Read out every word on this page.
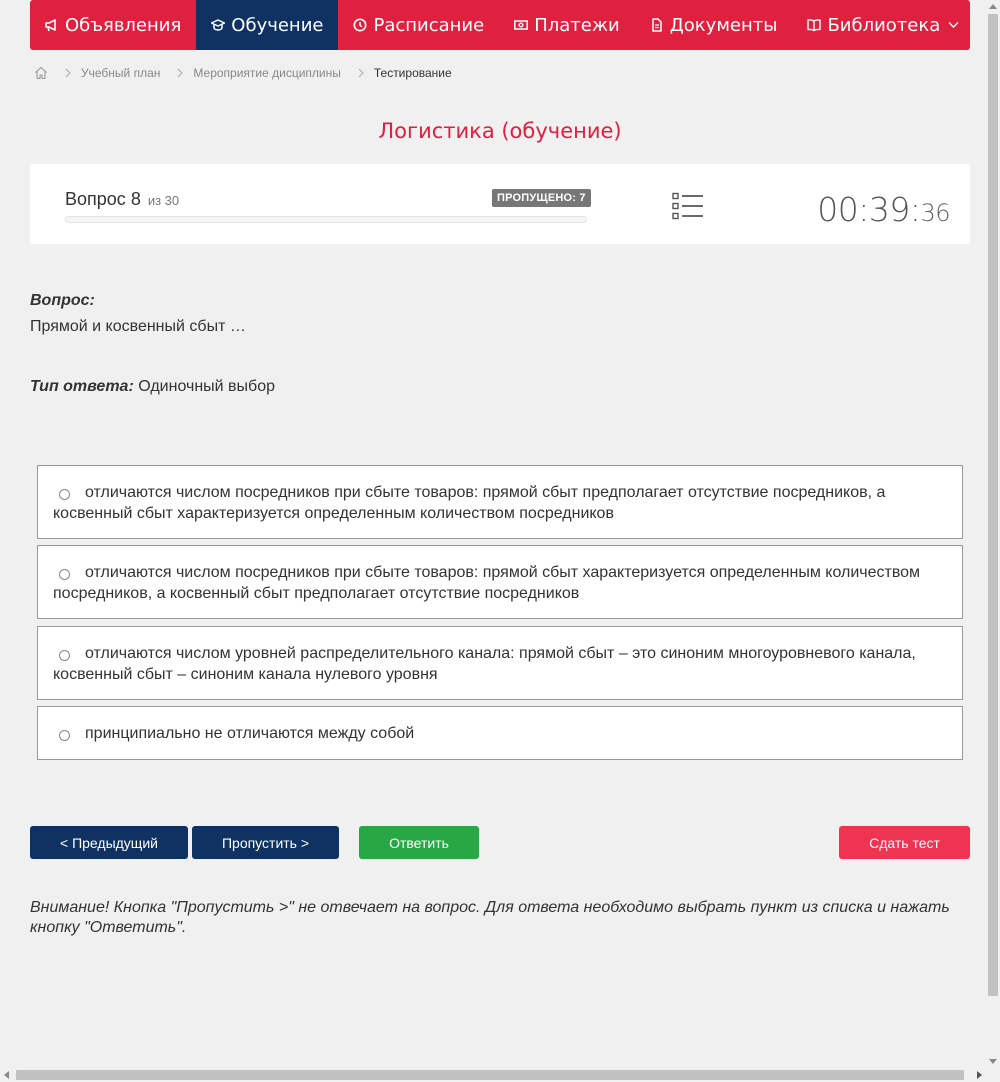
Объявления	Обучение	Расписание	Платежи	Документы	Библиотека
Учебный план	Мероприятие дисциплины	Тестирование
Логистика (обучение)
Вопрос 8 из 30	ПРОПУЩЕНО: 7	00:39:36
Вопрос:
Прямой и косвенный сбыт …
Тип ответа: Одиночный выбор
отличаются числом посредников при сбыте товаров: прямой сбыт предполагает отсутствие посредников, а косвенный сбыт характеризуется определенным количеством посредников
отличаются числом посредников при сбыте товаров: прямой сбыт характеризуется определенным количеством посредников, а косвенный сбыт предполагает отсутствие посредников
отличаются числом уровней распределительного канала: прямой сбыт – это синоним многоуровневого канала, косвенный сбыт – синоним канала нулевого уровня
принципиально не отличаются между собой
< Предыдущий	Пропустить >	Ответить	Сдать тест
Внимание! Кнопка "Пропустить >" не отвечает на вопрос. Для ответа необходимо выбрать пункт из списка и нажать кнопку "Ответить".
